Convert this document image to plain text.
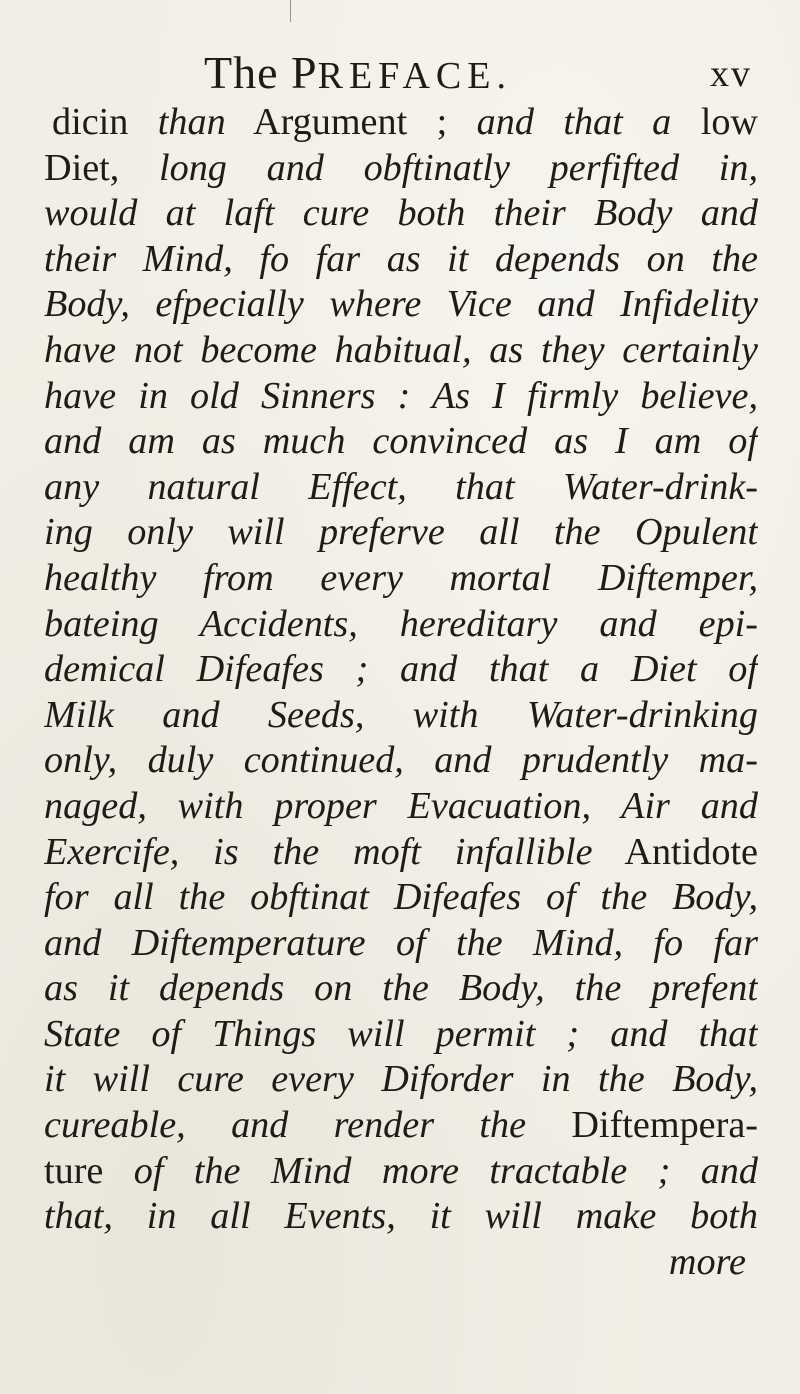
The PREFACE.	xv
dicin than Argument ; and that a low
Diet, long and obftinatly perfifted in,
would at laft cure both their Body and
their Mind, fo far as it depends on the
Body, efpecially where Vice and Infidelity
have not become habitual, as they certainly
have in old Sinners : As I firmly believe,
and am as much convinced as I am of
any natural Effect, that Water-drink-
ing only will preferve all the Opulent
healthy from every mortal Diftemper,
bateing Accidents, hereditary and epi-
demical Difeafes ; and that a Diet of
Milk and Seeds, with Water-drinking
only, duly continued, and prudently ma-
naged, with proper Evacuation, Air and
Exercife, is the moft infallible Antidote
for all the obftinat Difeafes of the Body,
and Diftemperature of the Mind, fo far
as it depends on the Body, the prefent
State of Things will permit ; and that
it will cure every Diforder in the Body,
cureable, and render the Diftempera-
ture of the Mind more tractable ; and
that, in all Events, it will make both
more
